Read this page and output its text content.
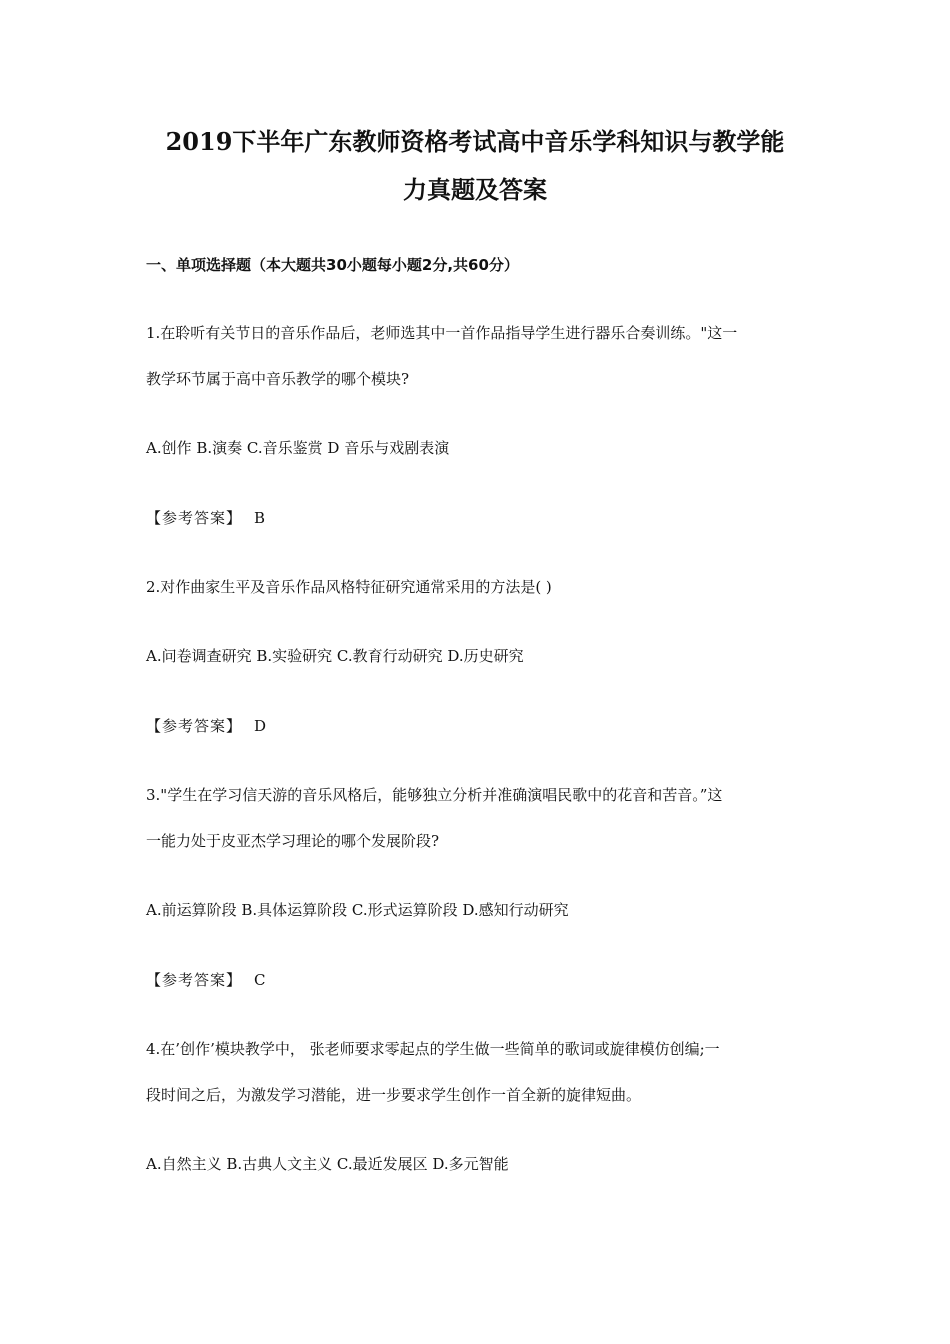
2019下半年广东教师资格考试高中音乐学科知识与教学能
力真题及答案
一、单项选择题（本大题共30小题每小题2分,共60分）
1.在聆听有关节日的音乐作品后，老师选其中一首作品指导学生进行器乐合奏训练。"这一
教学环节属于高中音乐教学的哪个模块?
A.创作 B.演奏 C.音乐鉴赏 D 音乐与戏剧表演
【参考答案】 B
2.对作曲家生平及音乐作品风格特征研究通常采用的方法是( )
A.问卷调查研究 B.实验研究 C.教育行动研究 D.历史研究
【参考答案】 D
3."学生在学习信天游的音乐风格后，能够独立分析并准确演唱民歌中的花音和苦音。”这
一能力处于皮亚杰学习理论的哪个发展阶段?
A.前运算阶段 B.具体运算阶段 C.形式运算阶段 D.感知行动研究
【参考答案】 C
4.在’创作’模块教学中， 张老师要求零起点的学生做一些简单的歌词或旋律模仿创编;一
段时间之后，为激发学习潜能，进一步要求学生创作一首全新的旋律短曲。
A.自然主义 B.古典人文主义 C.最近发展区 D.多元智能
